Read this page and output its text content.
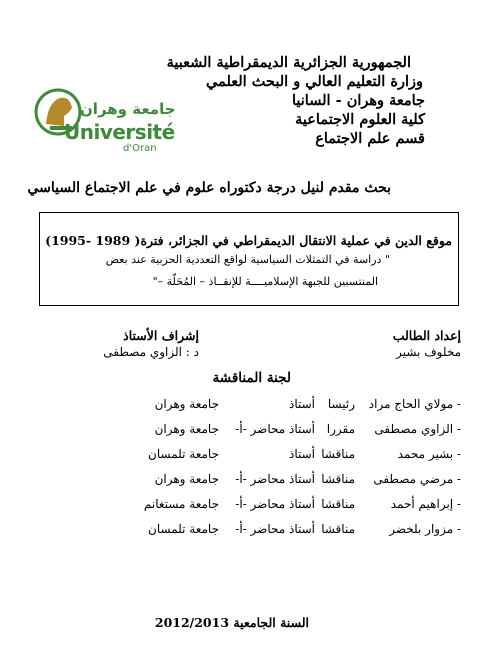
الجمهورية الجزائرية الديمقراطية الشعبية
وزارة التعليم العالي و البحث العلمي
جامعة وهران - السانيا
كلية العلوم الاجتماعية
قسم علم الاجتماع
جامعة وهران
Université
d'Oran
بحث مقدم لنيل درجة دكتوراه علوم في علم الاجتماع السياسي
موقع الدين في عملية الانتقال الديمقراطي في الجزائر، فترة( 1989 -1995)
" دراسة في التمثلات السياسية لواقع التعددية الحزبية عند بعض
المنتسبين للجبهة الإسلاميــــة للإنقــاذ – المُحَلّة –"
إعداد الطالب
مخلوف بشير
إشراف الأستاذ
د : الزاوي مصطفى
لجنة المناقشة
- مولاي الحاج مراد
رئيسا
أستاذ
جامعة وهران
- الزاوي مصطفى
مقررا
أستاذ محاضر -أ-
جامعة وهران
- بشير محمد
مناقشا
أستاذ
جامعة تلمسان
- مرضي مصطفى
مناقشا
أستاذ محاضر -أ-
جامعة وهران
- إبراهيم أحمد
مناقشا
أستاذ محاضر -أ-
جامعة مستغانم
- مزوار بلخضر
مناقشا
أستاذ محاضر -أ-
جامعة تلمسان
السنة الجامعية 2012/2013
